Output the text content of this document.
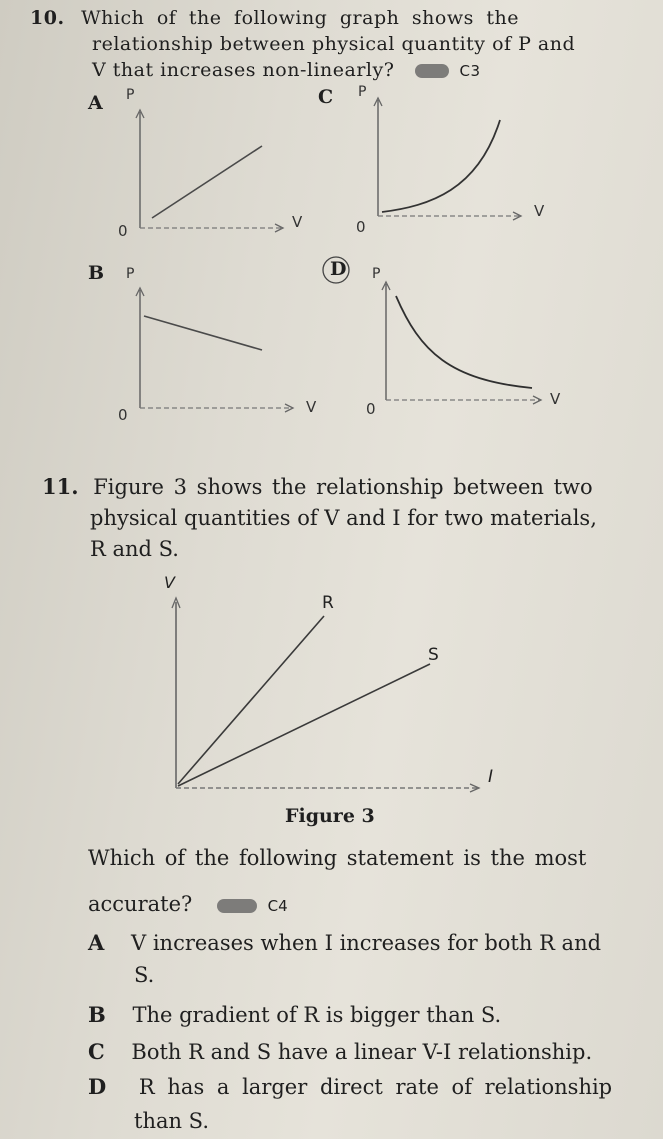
10. Which of the following graph shows the
relationship between physical quantity of P and
V that increases non-linearly?	C3
A	C
B	D
P
0	V
P
0
V
P
0	V
P
0
V
11. Figure 3 shows the relationship between two
physical quantities of V and I for two materials,
R and S.
V
I
R
S
Figure 3
Which of the following statement is the most
accurate?	C4
A V increases when I increases for both R and
S.
B The gradient of R is bigger than S.
C Both R and S have a linear V-I relationship.
D R has a larger direct rate of relationship
than S.
